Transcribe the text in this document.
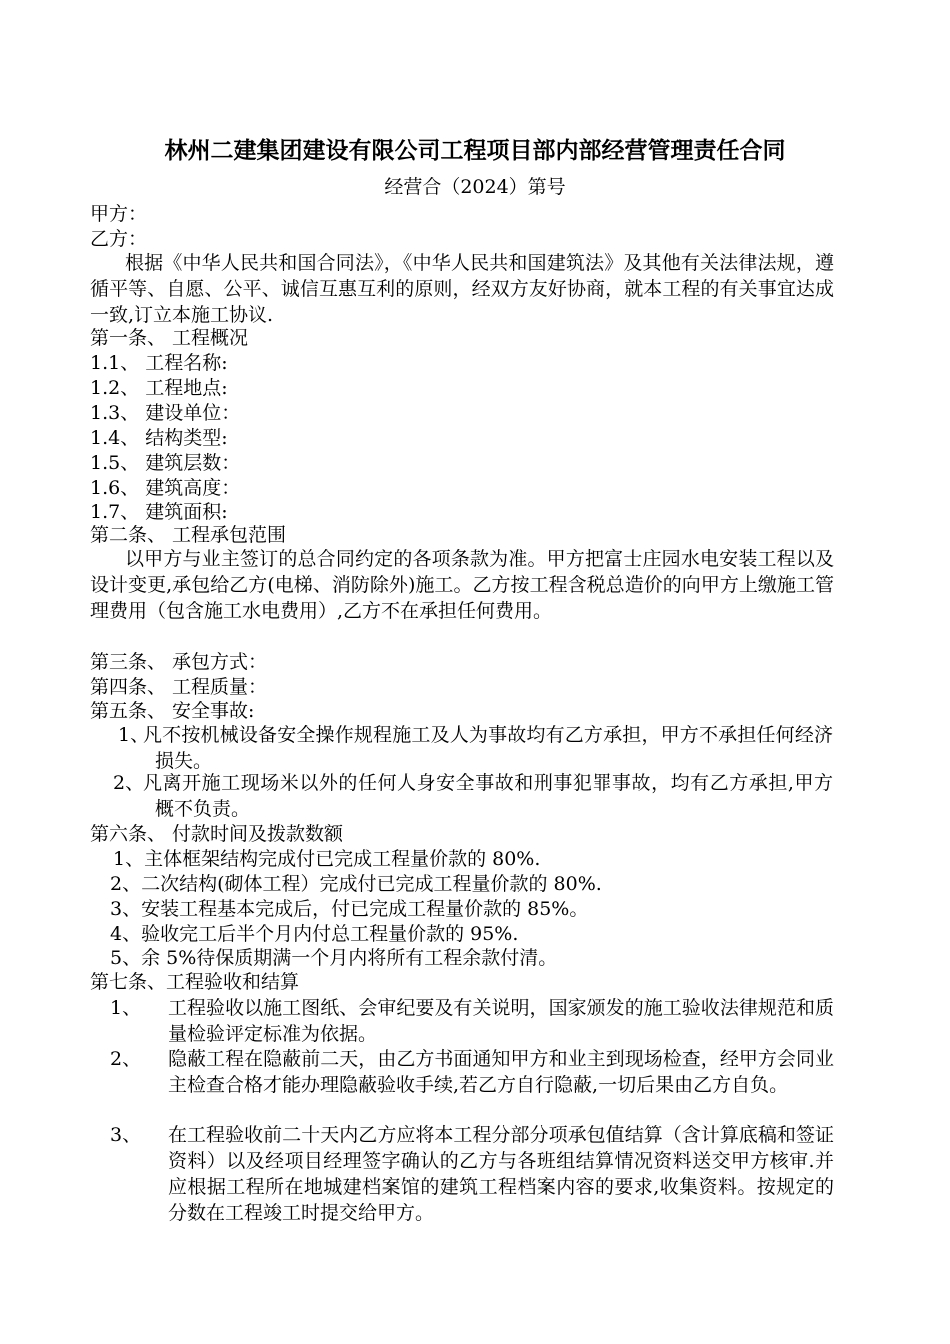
林州二建集团建设有限公司工程项目部内部经营管理责任合同
经营合（2024）第号
甲方：
乙方：
根据《中华人民共和国合同法》，《中华人民共和国建筑法》及其他有关法律法规，遵循平等、自愿、公平、诚信互惠互利的原则，经双方友好协商，就本工程的有关事宜达成一致,订立本施工协议.
第一条、 工程概况
1.1、 工程名称:
1.2、 工程地点:
1.3、 建设单位：
1.4、 结构类型:
1.5、 建筑层数：
1.6、 建筑高度：
1.7、 建筑面积:
第二条、 工程承包范围
以甲方与业主签订的总合同约定的各项条款为准。甲方把富士庄园水电安装工程以及设计变更,承包给乙方(电梯、消防除外)施工。乙方按工程含税总造价的向甲方上缴施工管理费用（包含施工水电费用）,乙方不在承担任何费用。
第三条、 承包方式：
第四条、 工程质量：
第五条、 安全事故:
1、
凡不按机械设备安全操作规程施工及人为事故均有乙方承担，甲方不承担任何经济损失。
2、
凡离开施工现场米以外的任何人身安全事故和刑事犯罪事故，均有乙方承担,甲方概不负责。
第六条、 付款时间及拨款数额
1、主体框架结构完成付已完成工程量价款的 80%.
2、二次结构(砌体工程）完成付已完成工程量价款的 80%.
3、安装工程基本完成后，付已完成工程量价款的 85%。
4、验收完工后半个月内付总工程量价款的 95%.
5、余 5%待保质期满一个月内将所有工程余款付清。
第七条、工程验收和结算
1、	工程验收以施工图纸、会审纪要及有关说明，国家颁发的施工验收法律规范和质量检验评定标准为依据。
2、	隐蔽工程在隐蔽前二天，由乙方书面通知甲方和业主到现场检查，经甲方会同业主检查合格才能办理隐蔽验收手续,若乙方自行隐蔽,一切后果由乙方自负。
3、	在工程验收前二十天内乙方应将本工程分部分项承包值结算（含计算底稿和签证资料）以及经项目经理签字确认的乙方与各班组结算情况资料送交甲方核审.并应根据工程所在地城建档案馆的建筑工程档案内容的要求,收集资料。按规定的分数在工程竣工时提交给甲方。
